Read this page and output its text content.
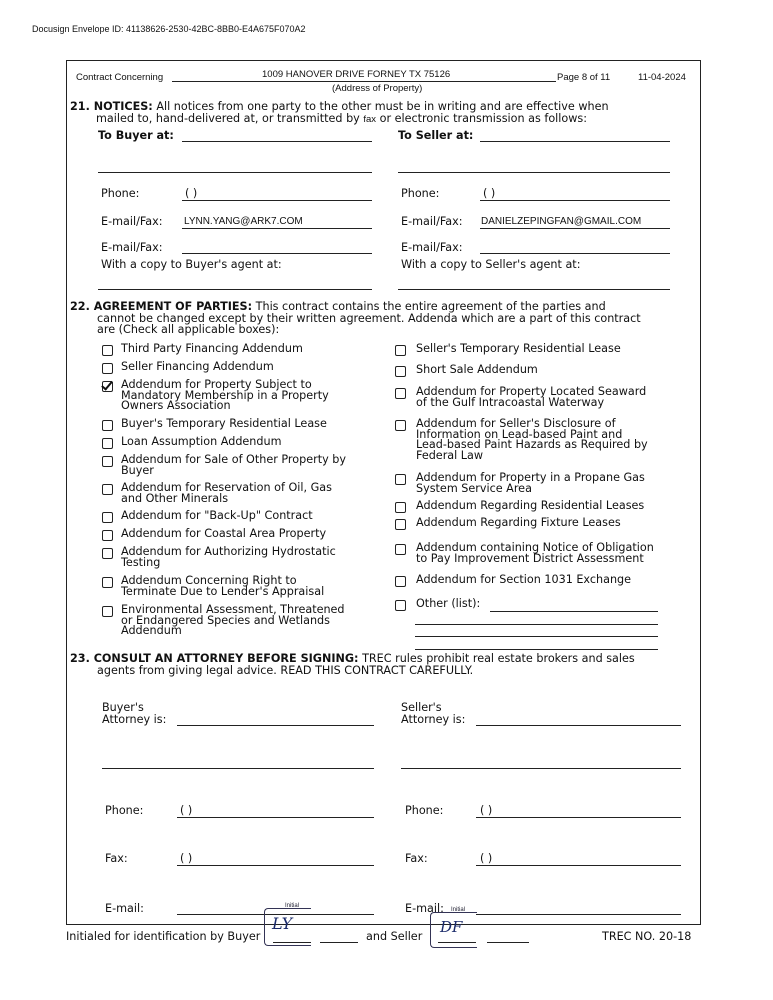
Docusign Envelope ID: 41138626-2530-42BC-8BB0-E4A675F070A2
Contract Concerning	1009 HANOVER DRIVE FORNEY TX 75126
(Address of Property)
Page 8 of 11	11-04-2024
21. NOTICES: All notices from one party to the other must be in writing and are effective when
mailed to, hand-delivered at, or transmitted by fax or electronic transmission as follows:
To Buyer at:	To Seller at:
Phone:	( )	Phone:	( )
E-mail/Fax: LYNN.YANG@ARK7.COM	E-mail/Fax: DANIELZEPINGFAN@GMAIL.COM
E-mail/Fax:	E-mail/Fax:
With a copy to Buyer's agent at:	With a copy to Seller's agent at:
22. AGREEMENT OF PARTIES: This contract contains the entire agreement of the parties and
cannot be changed except by their written agreement. Addenda which are a part of this contract
are (Check all applicable boxes):
Third Party Financing Addendum
Seller Financing Addendum
Addendum for Property Subject to
Mandatory Membership in a Property
Owners Association
Buyer's Temporary Residential Lease
Loan Assumption Addendum
Addendum for Sale of Other Property by
Buyer
Addendum for Reservation of Oil, Gas
and Other Minerals
Addendum for "Back-Up" Contract
Addendum for Coastal Area Property
Addendum for Authorizing Hydrostatic
Testing
Addendum Concerning Right to
Terminate Due to Lender's Appraisal
Environmental Assessment, Threatened
or Endangered Species and Wetlands
Addendum
Seller's Temporary Residential Lease
Short Sale Addendum
Addendum for Property Located Seaward
of the Gulf Intracoastal Waterway
Addendum for Seller's Disclosure of
Information on Lead-based Paint and
Lead-based Paint Hazards as Required by
Federal Law
Addendum for Property in a Propane Gas
System Service Area
Addendum Regarding Residential Leases
Addendum Regarding Fixture Leases
Addendum containing Notice of Obligation
to Pay Improvement District Assessment
Addendum for Section 1031 Exchange
Other (list):
23. CONSULT AN ATTORNEY BEFORE SIGNING: TREC rules prohibit real estate brokers and sales
agents from giving legal advice. READ THIS CONTRACT CAREFULLY.
Buyer's
Attorney is:
Seller's
Attorney is:
Phone:	( )	Phone:	( )
Fax:	( )	Fax:	( )
E-mail:	E-mail:
Initial
LY
Initial
DF
Initialed for identification by Buyer	and Seller	TREC NO. 20-18
